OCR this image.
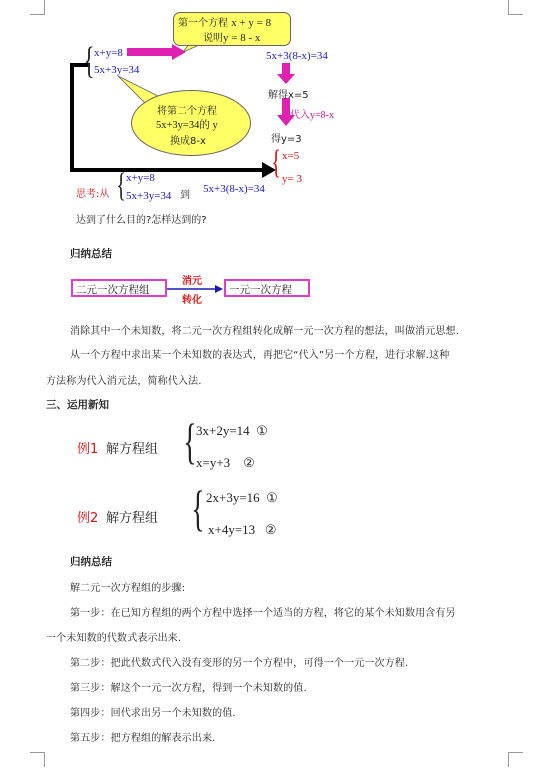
第一个方程 x + y = 8
说明y = 8 - x
{ x+y=8
5x+3y=34
将第二个方程
5x+3y=34的 y
换成8-x
5x+3(8-x)=34
解得x=5
代入y=8-x
得y=3
{ x=5
y= 3
思考:从 { x+y=8
5x+3y=34 到
5x+3(8-x)=34
达到了什么目的?怎样达到的?
归纳总结
二元一次方程组
消元
转化
一元一次方程
消除其中一个未知数，将二元一次方程组转化成解一元一次方程的想法，叫做消元思想.
从一个方程中求出某一个未知数的表达式，再把它“代入”另一个方程，进行求解.这种
方法称为代入消元法，简称代入法.
三、运用新知
例1 解方程组 { 3x+2y=14 ①
x=y+3 ②
例2 解方程组 { 2x+3y=16 ①
x+4y=13 ②
归纳总结
解二元一次方程组的步骤:
第一步：在已知方程组的两个方程中选择一个适当的方程，将它的某个未知数用含有另
一个未知数的代数式表示出来.
第二步：把此代数式代入没有变形的另一个方程中，可得一个一元一次方程.
第三步：解这个一元一次方程，得到一个未知数的值.
第四步：回代求出另一个未知数的值.
第五步：把方程组的解表示出来.
